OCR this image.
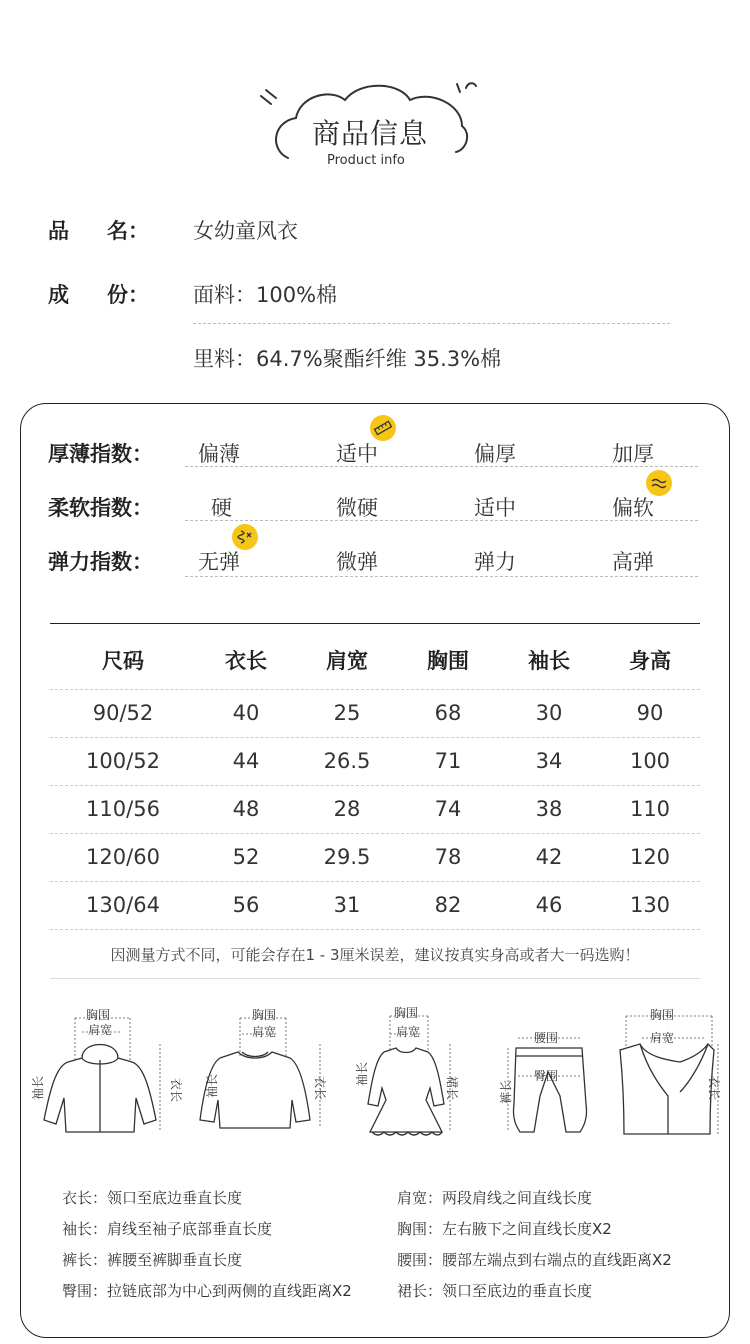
商品信息
Product info
品 名： 女幼童风衣
成 份： 面料：100%棉
里料：64.7%聚酯纤维 35.3%棉
厚薄指数： 偏薄	适中	偏厚	加厚
柔软指数：	硬	微硬	适中	偏软
弹力指数： 无弹	微弹	弹力	高弹
尺码	衣长	肩宽	胸围	袖长	身高
90/52	40	25	68	30	90
100/52	44	26.5	71	34	100
110/56	48	28	74	38	110
120/60	52	29.5	78	42	120
130/64	56	31	82	46	130
因测量方式不同，可能会存在1 - 3厘米误差，建议按真实身高或者大一码选购！
胸围
肩宽
袖长	衣长
胸围
肩宽
袖长	衣长
胸围
肩宽
袖长
裙长
腰围
臀围
裤长
胸围
肩宽
衣长
衣长：领口至底边垂直长度	肩宽：两段肩线之间直线长度
袖长：肩线至袖子底部垂直长度	胸围：左右腋下之间直线长度X2
裤长：裤腰至裤脚垂直长度	腰围：腰部左端点到右端点的直线距离X2
臀围：拉链底部为中心到两侧的直线距离X2	裙长：领口至底边的垂直长度
